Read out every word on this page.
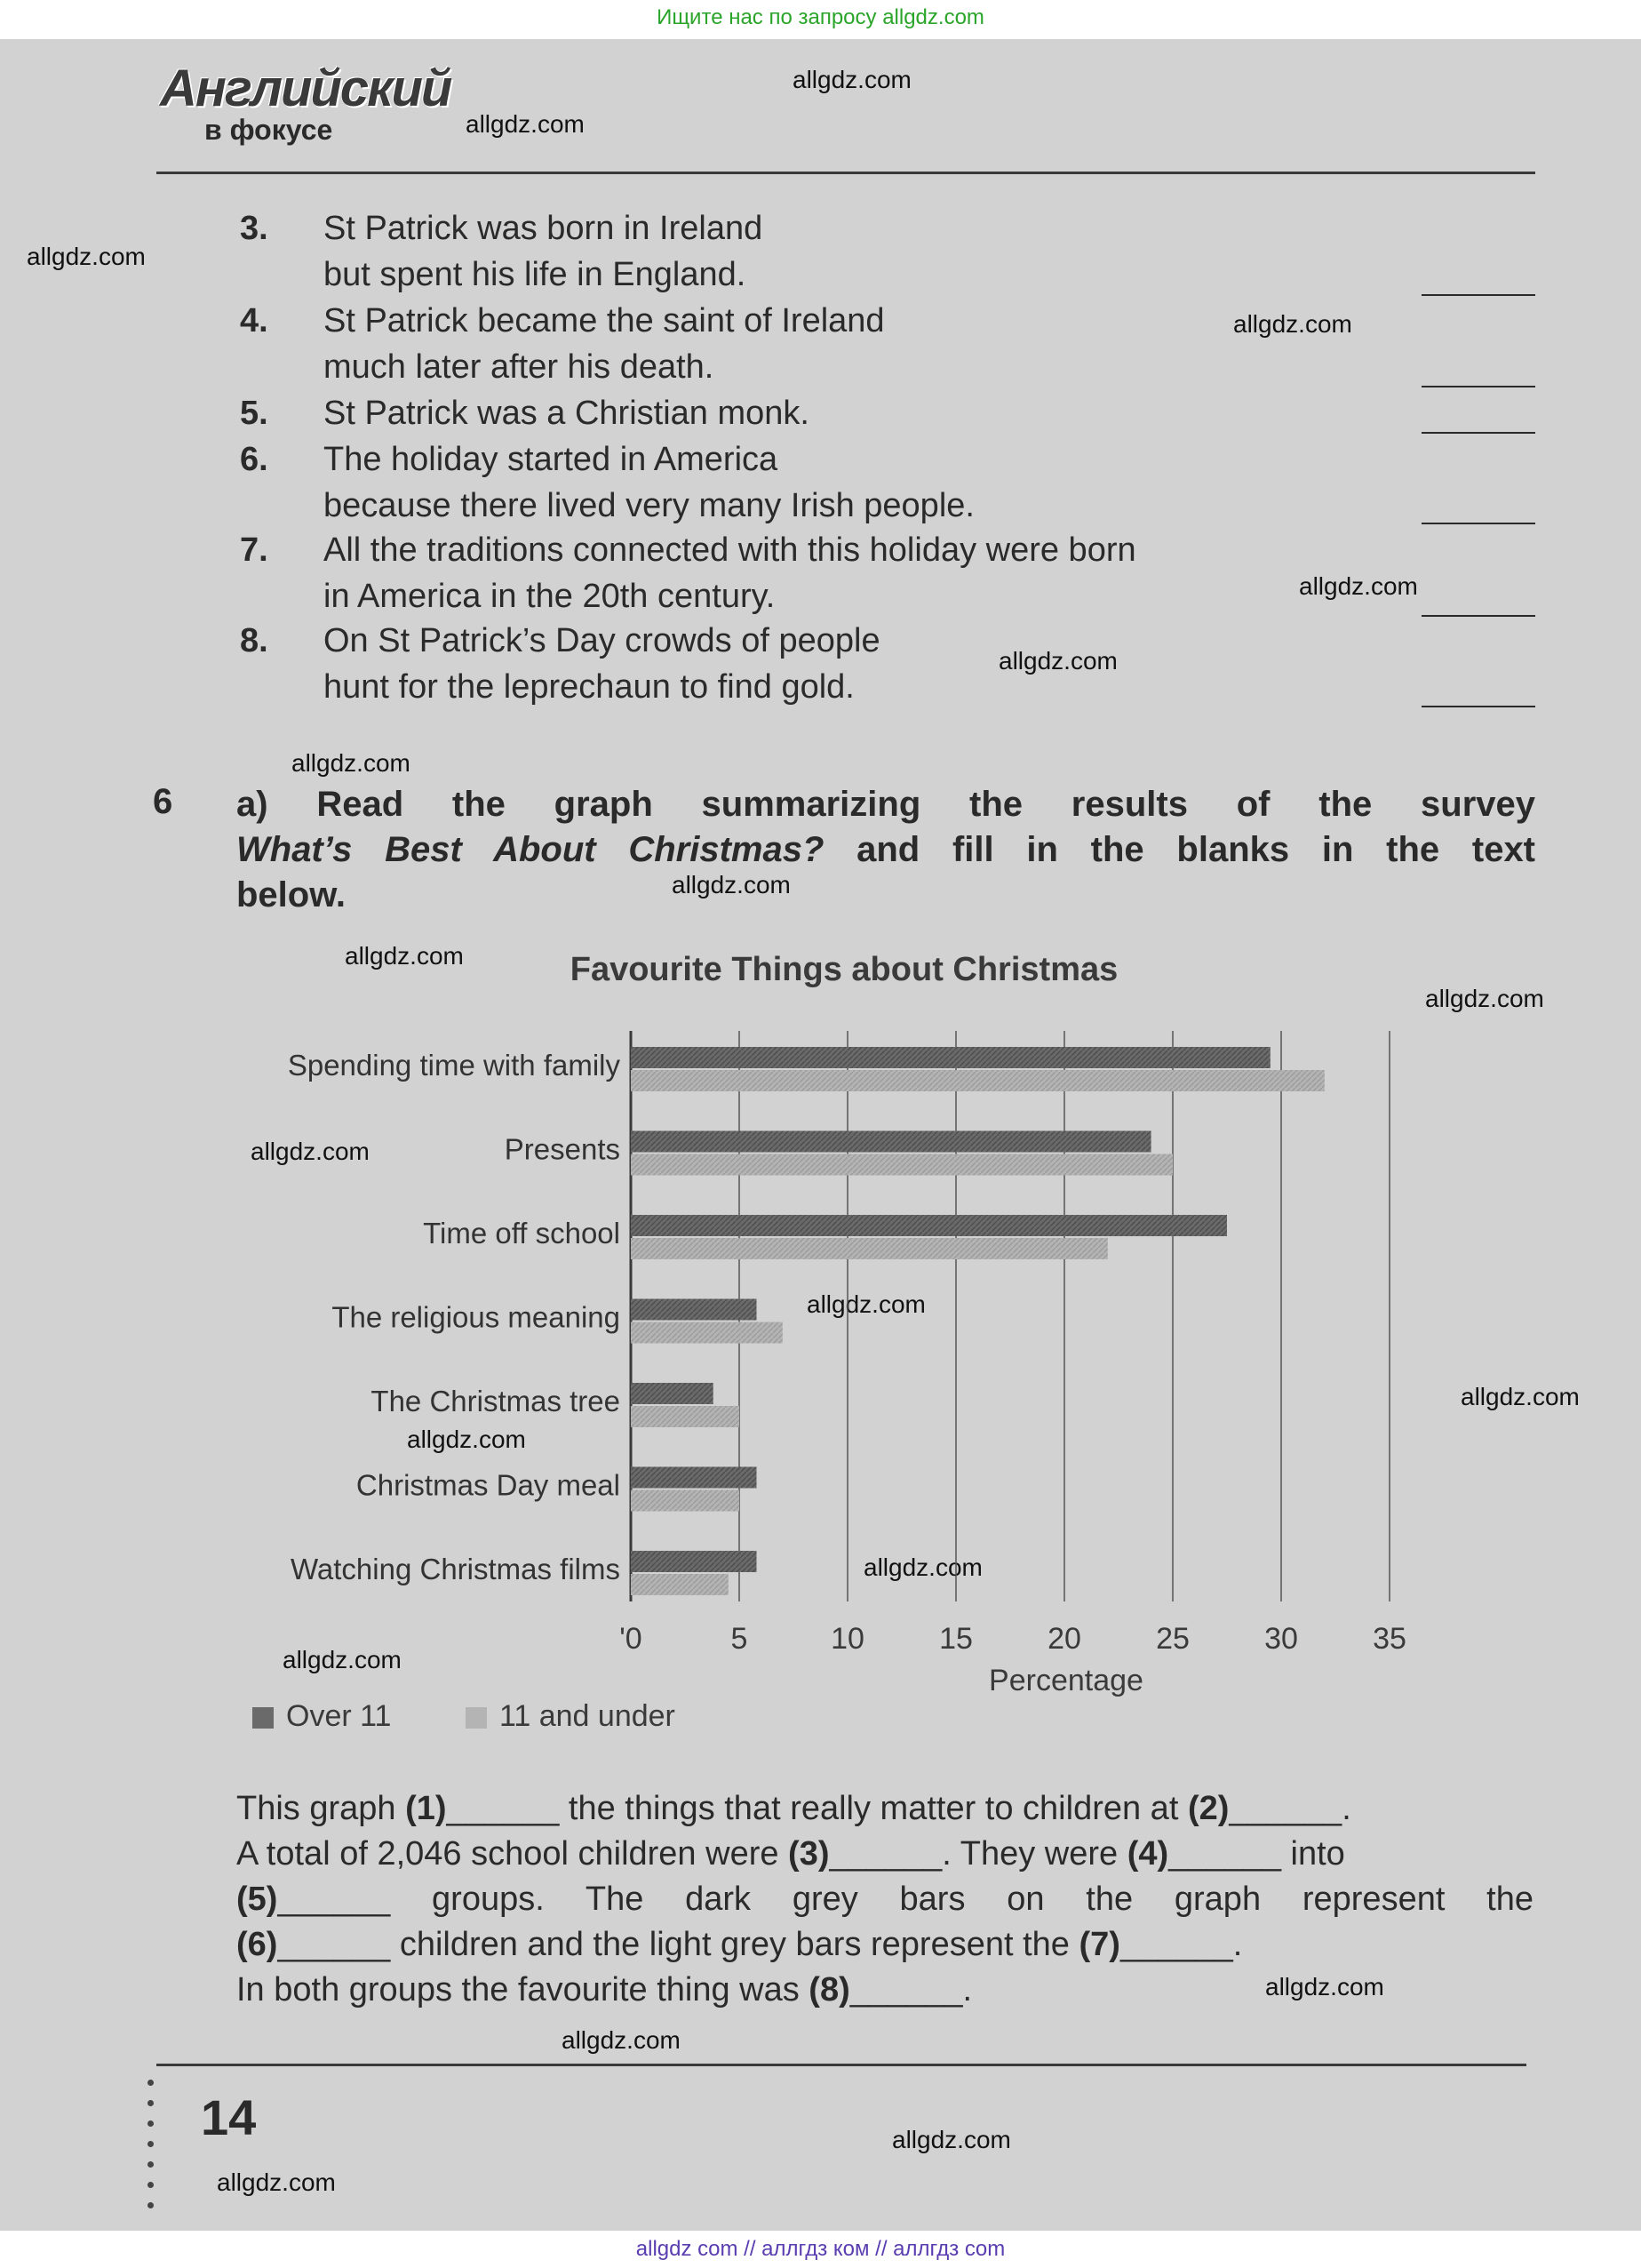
Ищите нас по запросу allgdz.com
Английский
в фокусе
allgdz.com
allgdz.com
allgdz.com
allgdz.com
allgdz.com
allgdz.com
allgdz.com
allgdz.com
allgdz.com
allgdz.com
allgdz.com
allgdz.com
allgdz.com
allgdz.com
allgdz.com
allgdz.com
allgdz.com
allgdz.com
allgdz.com
allgdz.com
3.	St Patrick was born in Ireland
but spent his life in England.
4.	St Patrick became the saint of Ireland
much later after his death.
5.	St Patrick was a Christian monk.
6.	The holiday started in America
because there lived very many Irish people.
7.	All the traditions connected with this holiday were born
in America in the 20th century.
8.	On St Patrick’s Day crowds of people
hunt for the leprechaun to find gold.
6 a) Read the graph summarizing the results of the survey
What’s Best About Christmas? and fill in the blanks in the text
below.
Favourite Things about Christmas
Spending time with family
Presents
Time off school
The religious meaning
The Christmas tree
Christmas Day meal
Watching Christmas films
'0	5	10 15 20 25 30 35
Percentage
Over 11	11 and under
This graph (1)______ the things that really matter to children at (2)______.
A total of 2,046 school children were (3)______. They were (4)______ into
(5)______ groups. The dark grey bars on the graph represent the
(6)______ children and the light grey bars represent the (7)______.
In both groups the favourite thing was (8)______.
14
allgdz com // аллгдз ком // аллгдз com
